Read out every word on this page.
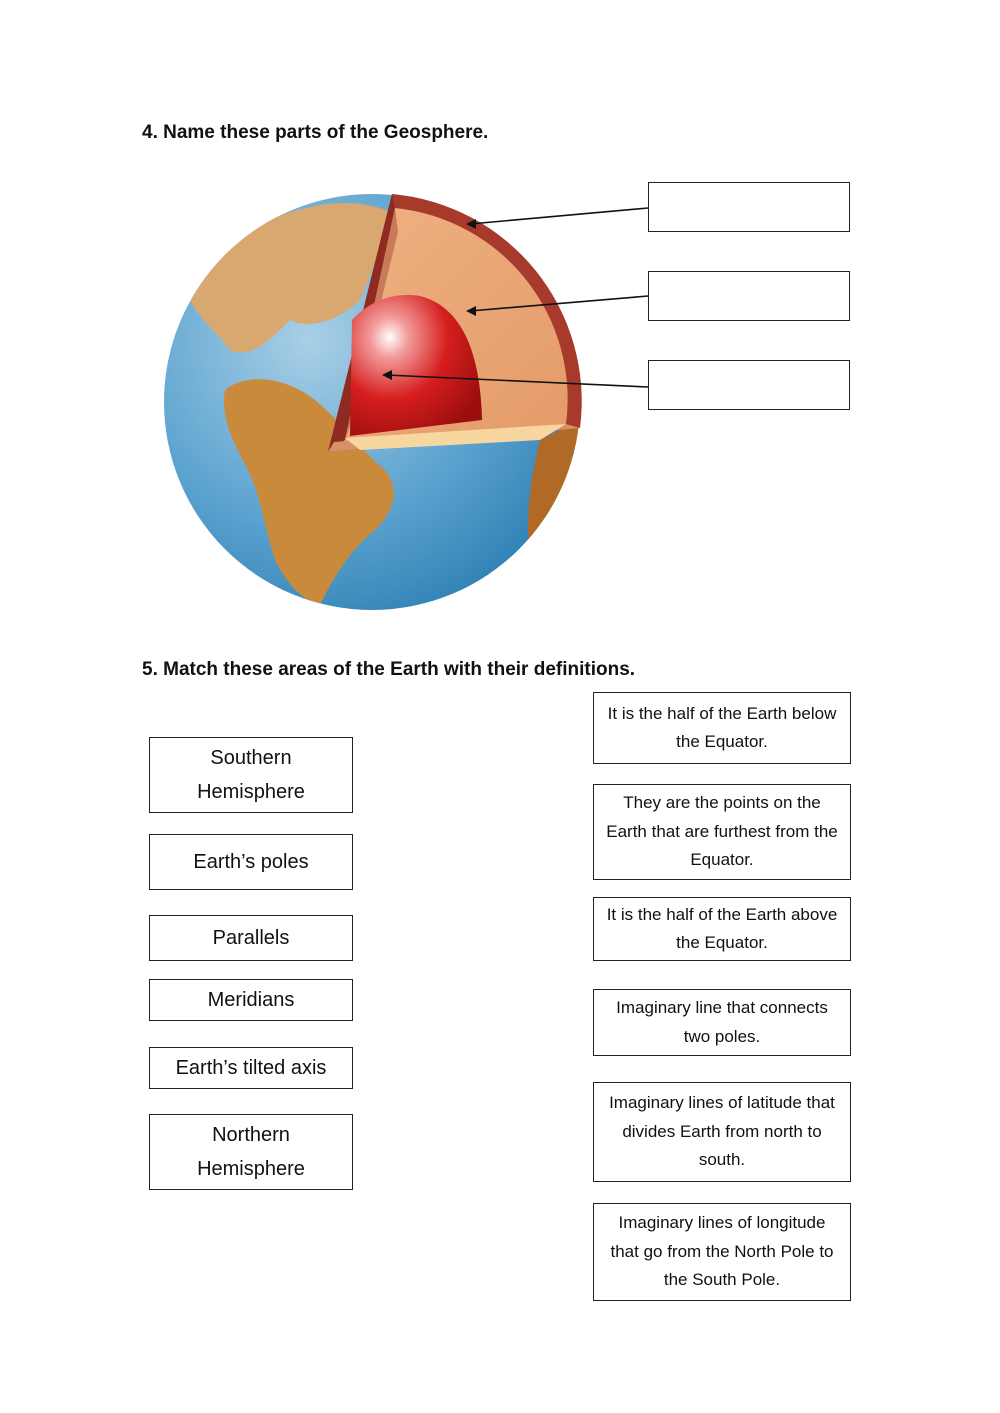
4. Name these parts of the Geosphere.
5. Match these areas of the Earth with their definitions.
Southern Hemisphere
Earth’s poles
Parallels
Meridians
Earth’s tilted axis
Northern Hemisphere
It is the half of the Earth below the Equator.
They are the points on the Earth that are furthest from the Equator.
It is the half of the Earth above the Equator.
Imaginary line that connects two poles.
Imaginary lines of latitude that divides Earth from north to south.
Imaginary lines of longitude that go from the North Pole to the South Pole.
